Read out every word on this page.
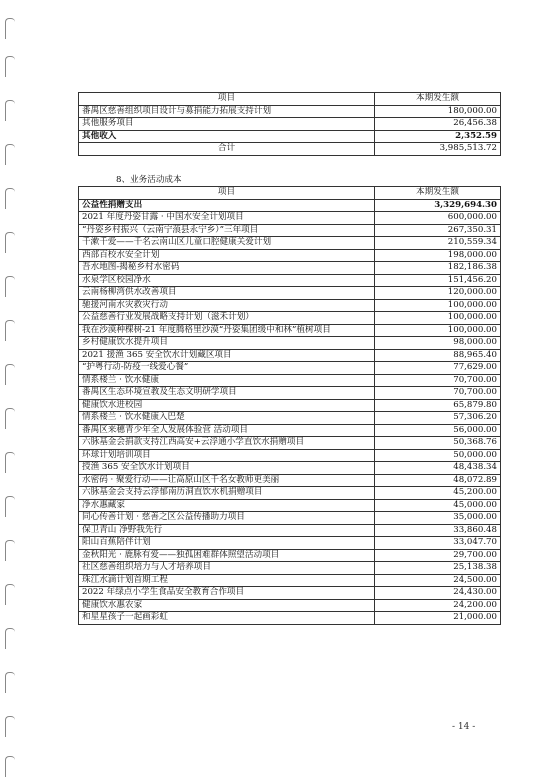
项目	本期发生额
番禺区慈善组织项目设计与募捐能力拓展支持计划	180,000.00
其他服务项目	26,456.38
其他收入	2,352.59
合计	3,985,513.72
8、业务活动成本
项目	本期发生额
公益性捐赠支出	3,329,694.30
2021 年度丹姿甘露 · 中国水安全计划项目	600,000.00
“丹姿乡村振兴（云南宁蒗县永宁乡）”三年项目	267,350.31
千漱千爱——千名云南山区儿童口腔健康关爱计划	210,559.34
西部百校水安全计划	198,000.00
吾水地图-揭秘乡村水密码	182,186.38
水泉学区校园净水	151,456.20
云南杨柳湾供水改善项目	120,000.00
驰援河南水灾救灾行动	100,000.00
公益慈善行业发展战略支持计划（滋禾计划）	100,000.00
我在沙漠种棵树-21 年度腾格里沙漠“丹姿集团缓中和林”植树项目	100,000.00
乡村健康饮水提升项目	98,000.00
2021 援渔 365 安全饮水计划藏区项目	88,965.40
“护粤行动-防疫一线爱心餐”	77,629.00
情系楼兰 · 饮水健康	70,700.00
番禺区生态环境宣教及生态文明研学项目	70,700.00
健康饮水进校园	65,879.80
情系楼兰 · 饮水健康入巴楚	57,306.20
番禺区来穗青少年全人发展体验营 活动项目	56,000.00
六脉基金会捐款支持江西高安+云浮通小学直饮水捐赠项目	50,368.76
环球计划培训项目	50,000.00
授渔 365 安全饮水计划项目	48,438.34
水密码 · 聚爱行动——让高原山区千名女教师更美丽	48,072.89
六脉基金会支持云浮郁南历洞直饮水机捐赠项目	45,200.00
净水惠藏家	45,000.00
同心传善计划 · 慈善之区公益传播助力项目	35,000.00
保卫青山 净野我先行	33,860.48
阳山百蕉陪伴计划	33,047.70
金秋阳光 · 鹿脉有爱——独孤困难群体照望活动项目	29,700.00
社区慈善组织培力与人才培养项目	25,138.38
珠江水滴计划首期工程	24,500.00
2022 年绿点小学生食品安全教育合作项目	24,430.00
健康饮水惠农家	24,200.00
和星星孩子一起画彩虹	21,000.00
- 14 -
